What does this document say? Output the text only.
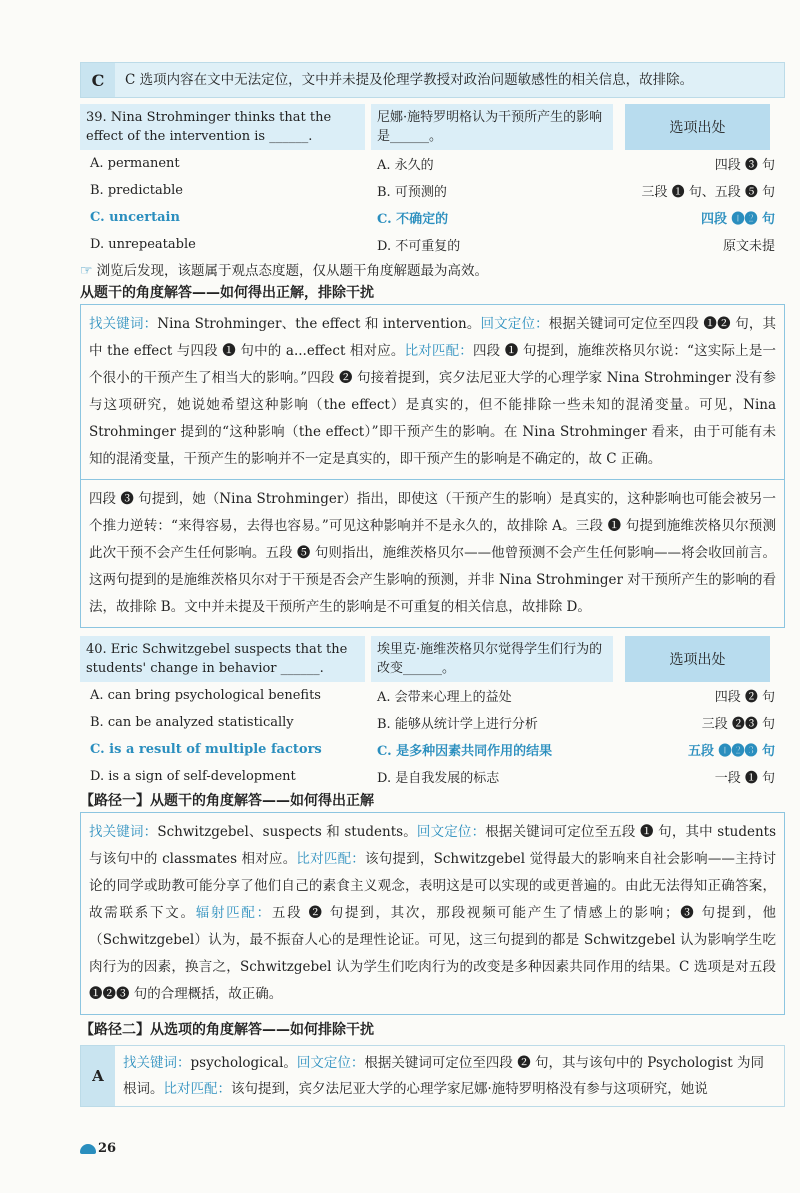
C	C 选项内容在文中无法定位，文中并未提及伦理学教授对政治问题敏感性的相关信息，故排除。
39. Nina Strohminger thinks that the effect of the intervention is ______.
尼娜·施特罗明格认为干预所产生的影响是______。
选项出处
A. permanent	A. 永久的	四段 ❸ 句
B. predictable	B. 可预测的	三段 ❶ 句、五段 ❺ 句
C. uncertain	C. 不确定的	四段 ❶❷ 句
D. unrepeatable	D. 不可重复的	原文未提
☞ 浏览后发现，该题属于观点态度题，仅从题干角度解题最为高效。
从题干的角度解答——如何得出正解，排除干扰
找关键词：Nina Strohminger、the effect 和 intervention。回文定位：根据关键词可定位至四段 ❶❷ 句，其中 the effect 与四段 ❶ 句中的 a...effect 相对应。比对匹配：四段 ❶ 句提到，施维茨格贝尔说：“这实际上是一个很小的干预产生了相当大的影响。”四段 ❷ 句接着提到，宾夕法尼亚大学的心理学家 Nina Strohminger 没有参与这项研究，她说她希望这种影响（the effect）是真实的，但不能排除一些未知的混淆变量。可见，Nina Strohminger 提到的“这种影响（the effect）”即干预产生的影响。在 Nina Strohminger 看来，由于可能有未知的混淆变量，干预产生的影响并不一定是真实的，即干预产生的影响是不确定的，故 C 正确。
四段 ❸ 句提到，她（Nina Strohminger）指出，即使这（干预产生的影响）是真实的，这种影响也可能会被另一个推力逆转：“来得容易，去得也容易。”可见这种影响并不是永久的，故排除 A。三段 ❶ 句提到施维茨格贝尔预测此次干预不会产生任何影响。五段 ❺ 句则指出，施维茨格贝尔——他曾预测不会产生任何影响——将会收回前言。这两句提到的是施维茨格贝尔对于干预是否会产生影响的预测，并非 Nina Strohminger 对干预所产生的影响的看法，故排除 B。文中并未提及干预所产生的影响是不可重复的相关信息，故排除 D。
40. Eric Schwitzgebel suspects that the students' change in behavior ______.
埃里克·施维茨格贝尔觉得学生们行为的改变______。
选项出处
A. can bring psychological benefits	A. 会带来心理上的益处	四段 ❷ 句
B. can be analyzed statistically	B. 能够从统计学上进行分析	三段 ❷❸ 句
C. is a result of multiple factors	C. 是多种因素共同作用的结果	五段 ❶❷❸ 句
D. is a sign of self-development	D. 是自我发展的标志	一段 ❶ 句
【路径一】从题干的角度解答——如何得出正解
找关键词：Schwitzgebel、suspects 和 students。回文定位：根据关键词可定位至五段 ❶ 句，其中 students 与该句中的 classmates 相对应。比对匹配：该句提到，Schwitzgebel 觉得最大的影响来自社会影响——主持讨论的同学或助教可能分享了他们自己的素食主义观念，表明这是可以实现的或更普遍的。由此无法得知正确答案，故需联系下文。辐射匹配：五段 ❷ 句提到，其次，那段视频可能产生了情感上的影响；❸ 句提到，他（Schwitzgebel）认为，最不振奋人心的是理性论证。可见，这三句提到的都是 Schwitzgebel 认为影响学生吃肉行为的因素，换言之，Schwitzgebel 认为学生们吃肉行为的改变是多种因素共同作用的结果。C 选项是对五段 ❶❷❸ 句的合理概括，故正确。
【路径二】从选项的角度解答——如何排除干扰
A
找关键词：psychological。回文定位：根据关键词可定位至四段 ❷ 句，其与该句中的 Psychologist 为同根词。比对匹配：该句提到，宾夕法尼亚大学的心理学家尼娜·施特罗明格没有参与这项研究，她说
26
